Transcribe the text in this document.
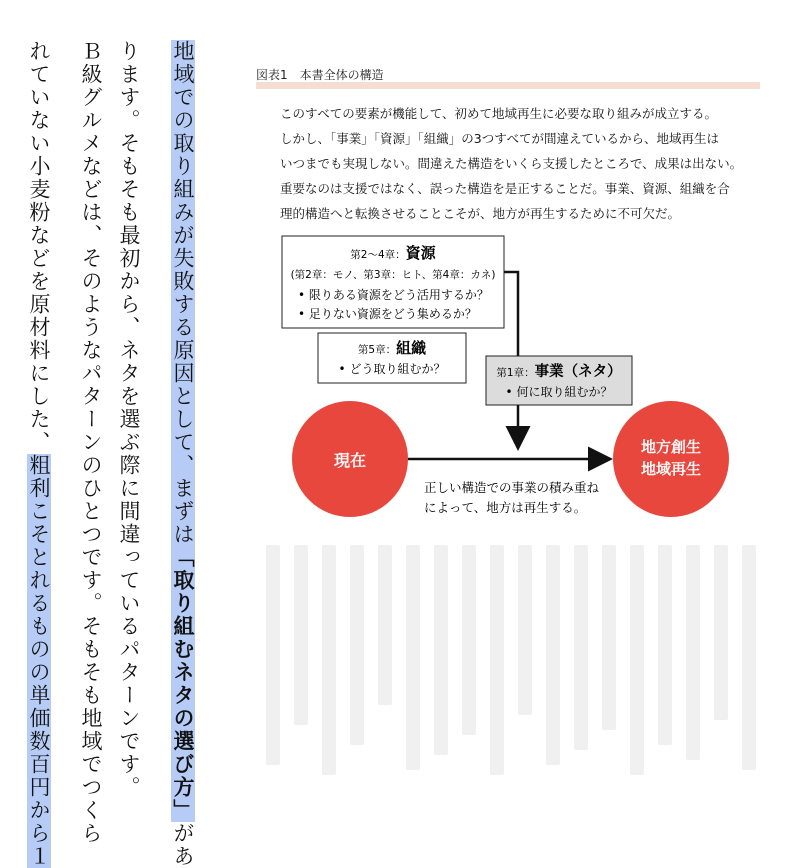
地域での取り組みが失敗する原因として、まずは「取り組むネタの選び方」があ
ります。そもそも最初から、ネタを選ぶ際に間違っているパターンです。
Ｂ級グルメなどは、そのようなパターンのひとつです。そもそも地域でつくら
れていない小麦粉などを原材料にした、粗利こそとれるものの単価数百円から１
図表1　本書全体の構造
このすべての要素が機能して、初めて地域再生に必要な取り組みが成立する。
しかし、「事業」「資源」「組織」の3つすべてが間違えているから、地域再生は
いつまでも実現しない。間違えた構造をいくら支援したところで、成果は出ない。
重要なのは支援ではなく、誤った構造を是正することだ。事業、資源、組織を合
理的構造へと転換させることこそが、地方が再生するために不可欠だ。
第2〜4章：資源
(第2章：モノ、第3章：ヒト、第4章：カネ)
• 限りある資源をどう活用するか？
• 足りない資源をどう集めるか？
第5章：組織
• どう取り組むか？	第1章：事業（ネタ）
• 何に取り組むか？
現在
地方創生
地域再生
正しい構造での事業の積み重ね
によって、地方は再生する。
